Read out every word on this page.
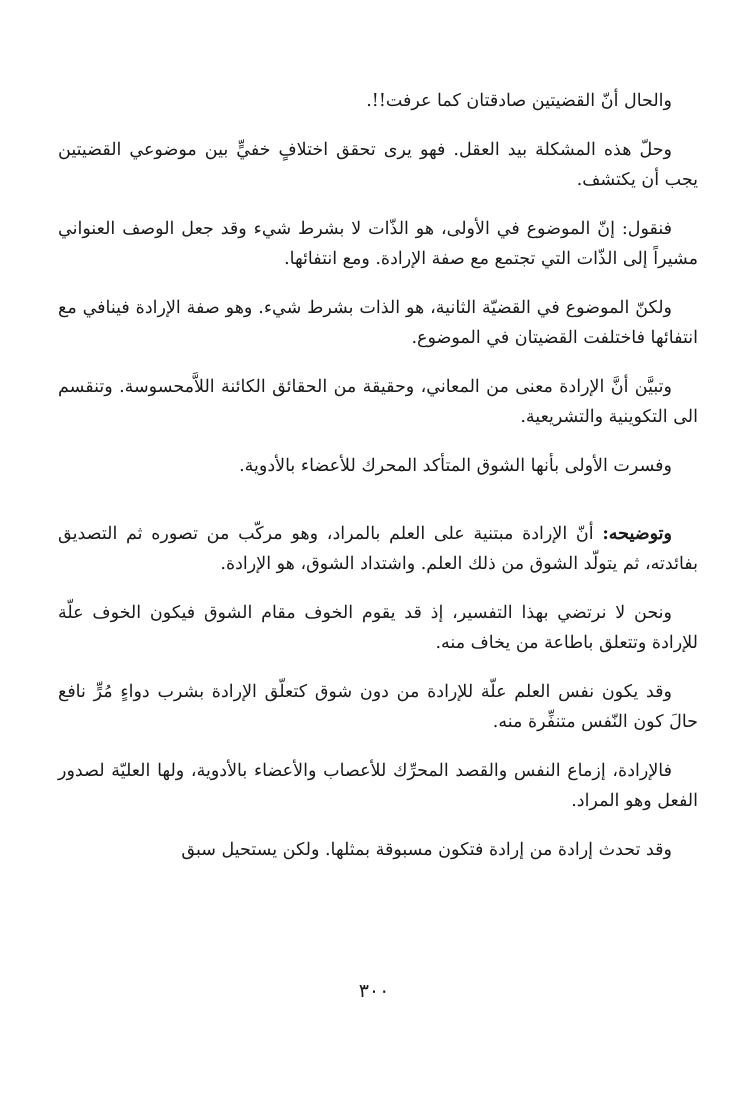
والحال أنّ القضيتين صادقتان كما عرفت!!.

وحلّ هذه المشكلة بيد العقل. فهو يرى تحقق اختلافٍ خفيٍّ بين موضوعي القضيتين يجب أن يكتشف.

فنقول: إنّ الموضوع في الأولى، هو الذّات لا بشرط شيء وقد جعل الوصف العنواني مشيراً إلى الذّات التي تجتمع مع صفة الإرادة. ومع انتفائها.

ولكنّ الموضوع في القضيّة الثانية، هو الذات بشرط شيء. وهو صفة الإرادة فينافي مع انتفائها فاختلفت القضيتان في الموضوع.

وتبيَّن أنَّ الإرادة معنى من المعاني، وحقيقة من الحقائق الكائنة اللاَّمحسوسة. وتنقسم الى التكوينية والتشريعية.

وفسرت الأولى بأنها الشوق المتأكد المحرك للأعضاء بالأدوية.

وتوضيحه: أنّ الإرادة مبتنية على العلم بالمراد، وهو مركّب من تصوره ثم التصديق بفائدته، ثم يتولّد الشوق من ذلك العلم. واشتداد الشوق، هو الإرادة.

ونحن لا نرتضي بهذا التفسير، إذ قد يقوم الخوف مقام الشوق فيكون الخوف علّة للإرادة وتتعلق باطاعة من يخاف منه.

وقد يكون نفس العلم علّة للإرادة من دون شوق كتعلّق الإرادة بشرب دواءٍ مُرٍّ نافع حالَ كون النّفس متنفِّرة منه.

فالإرادة، إزماع النفس والقصد المحرِّك للأعصاب والأعضاء بالأدوية، ولها العليّة لصدور الفعل وهو المراد.

وقد تحدث إرادة من إرادة فتكون مسبوقة بمثلها. ولكن يستحيل سبق

٣٠٠
